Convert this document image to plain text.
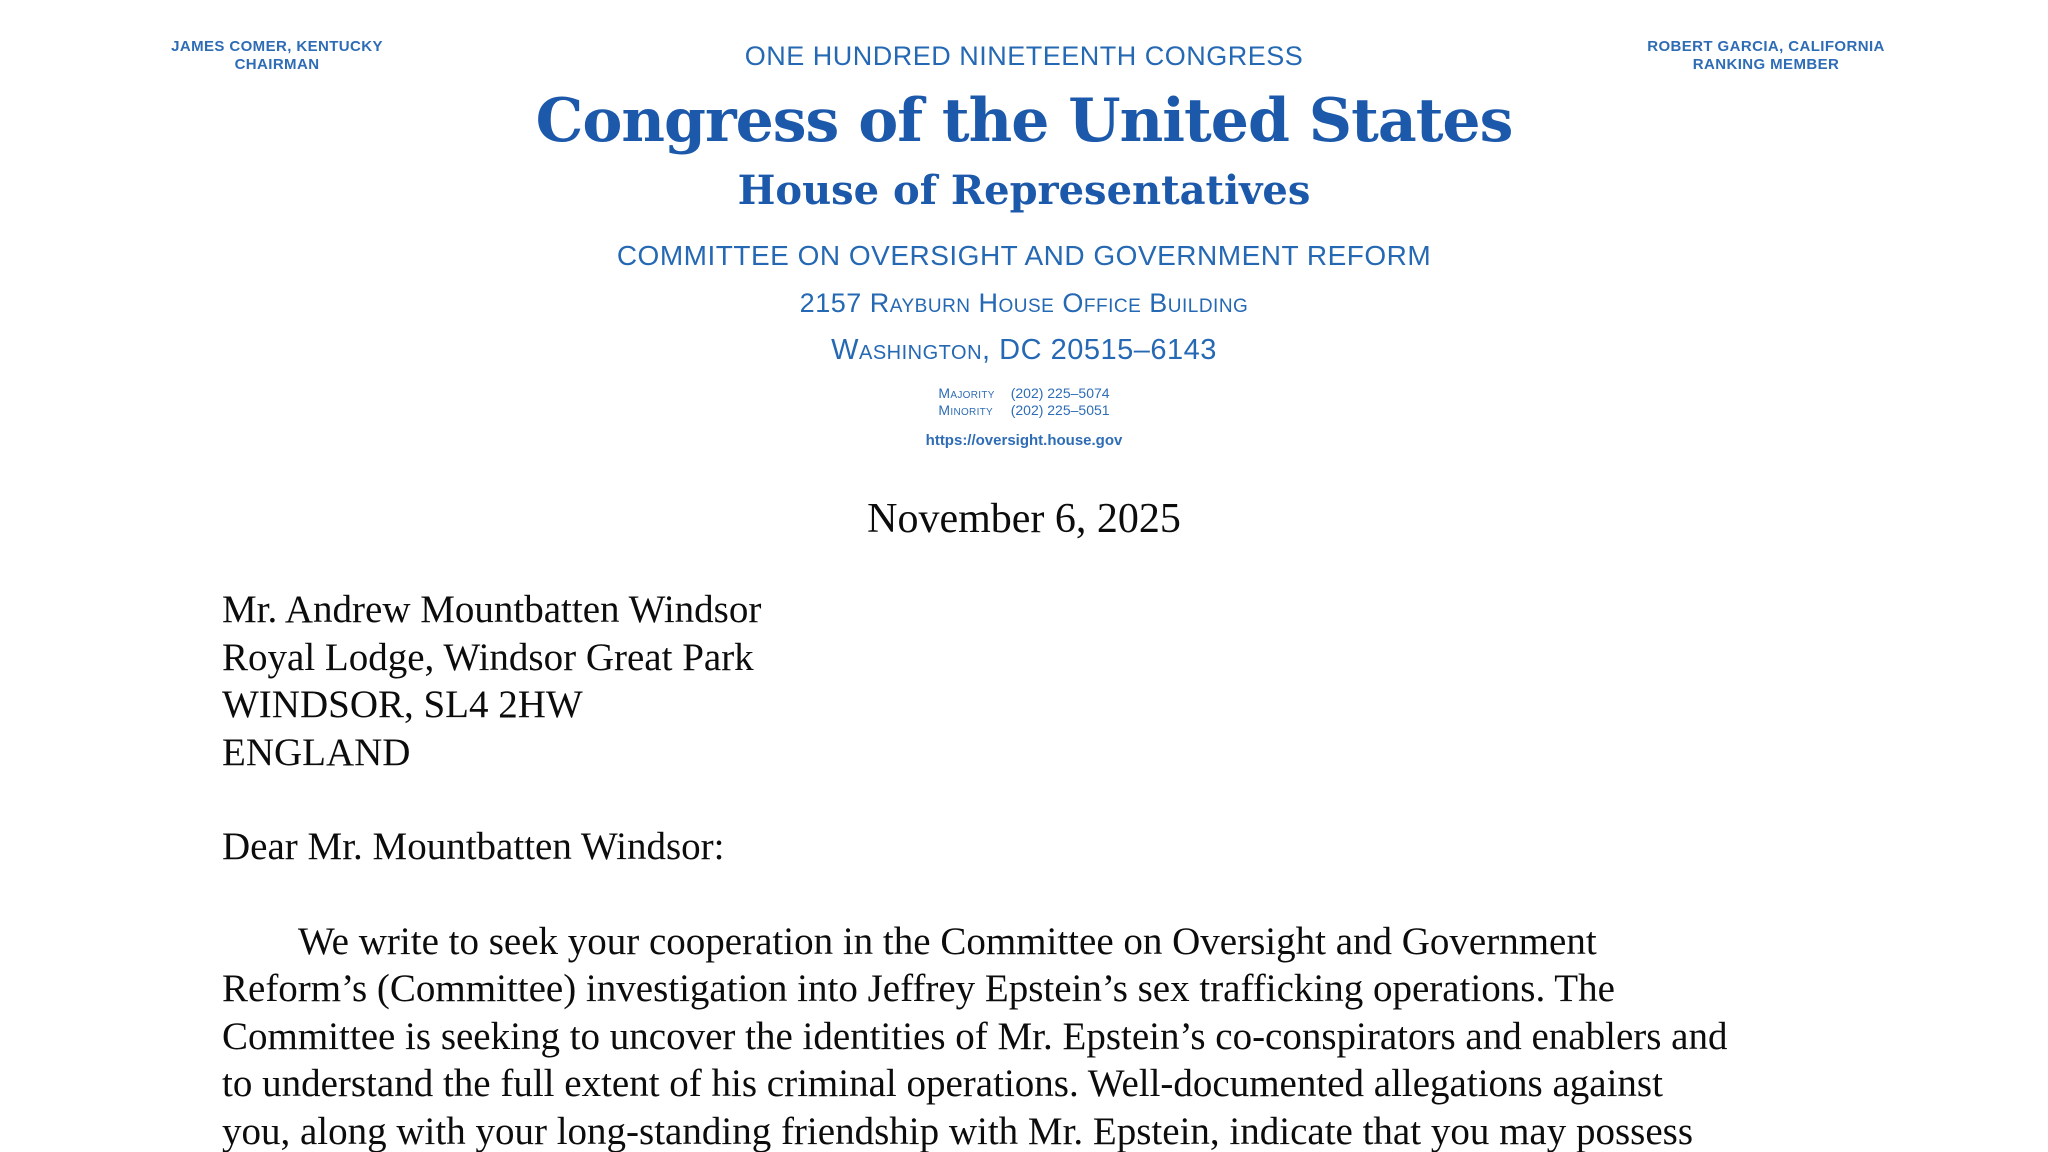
JAMES COMER, KENTUCKY
CHAIRMAN
ROBERT GARCIA, CALIFORNIA
RANKING MEMBER
ONE HUNDRED NINETEENTH CONGRESS
Congress of the United States
House of Representatives
COMMITTEE ON OVERSIGHT AND GOVERNMENT REFORM
2157 Rayburn House Office Building
Washington, DC 20515–6143
Majority (202) 225–5074
Minority (202) 225–5051
https://oversight.house.gov
November 6, 2025
Mr. Andrew Mountbatten Windsor
Royal Lodge, Windsor Great Park
WINDSOR, SL4 2HW
ENGLAND
Dear Mr. Mountbatten Windsor:
We write to seek your cooperation in the Committee on Oversight and Government
Reform’s (Committee) investigation into Jeffrey Epstein’s sex trafficking operations. The
Committee is seeking to uncover the identities of Mr. Epstein’s co-conspirators and enablers and
to understand the full extent of his criminal operations. Well-documented allegations against
you, along with your long-standing friendship with Mr. Epstein, indicate that you may possess
